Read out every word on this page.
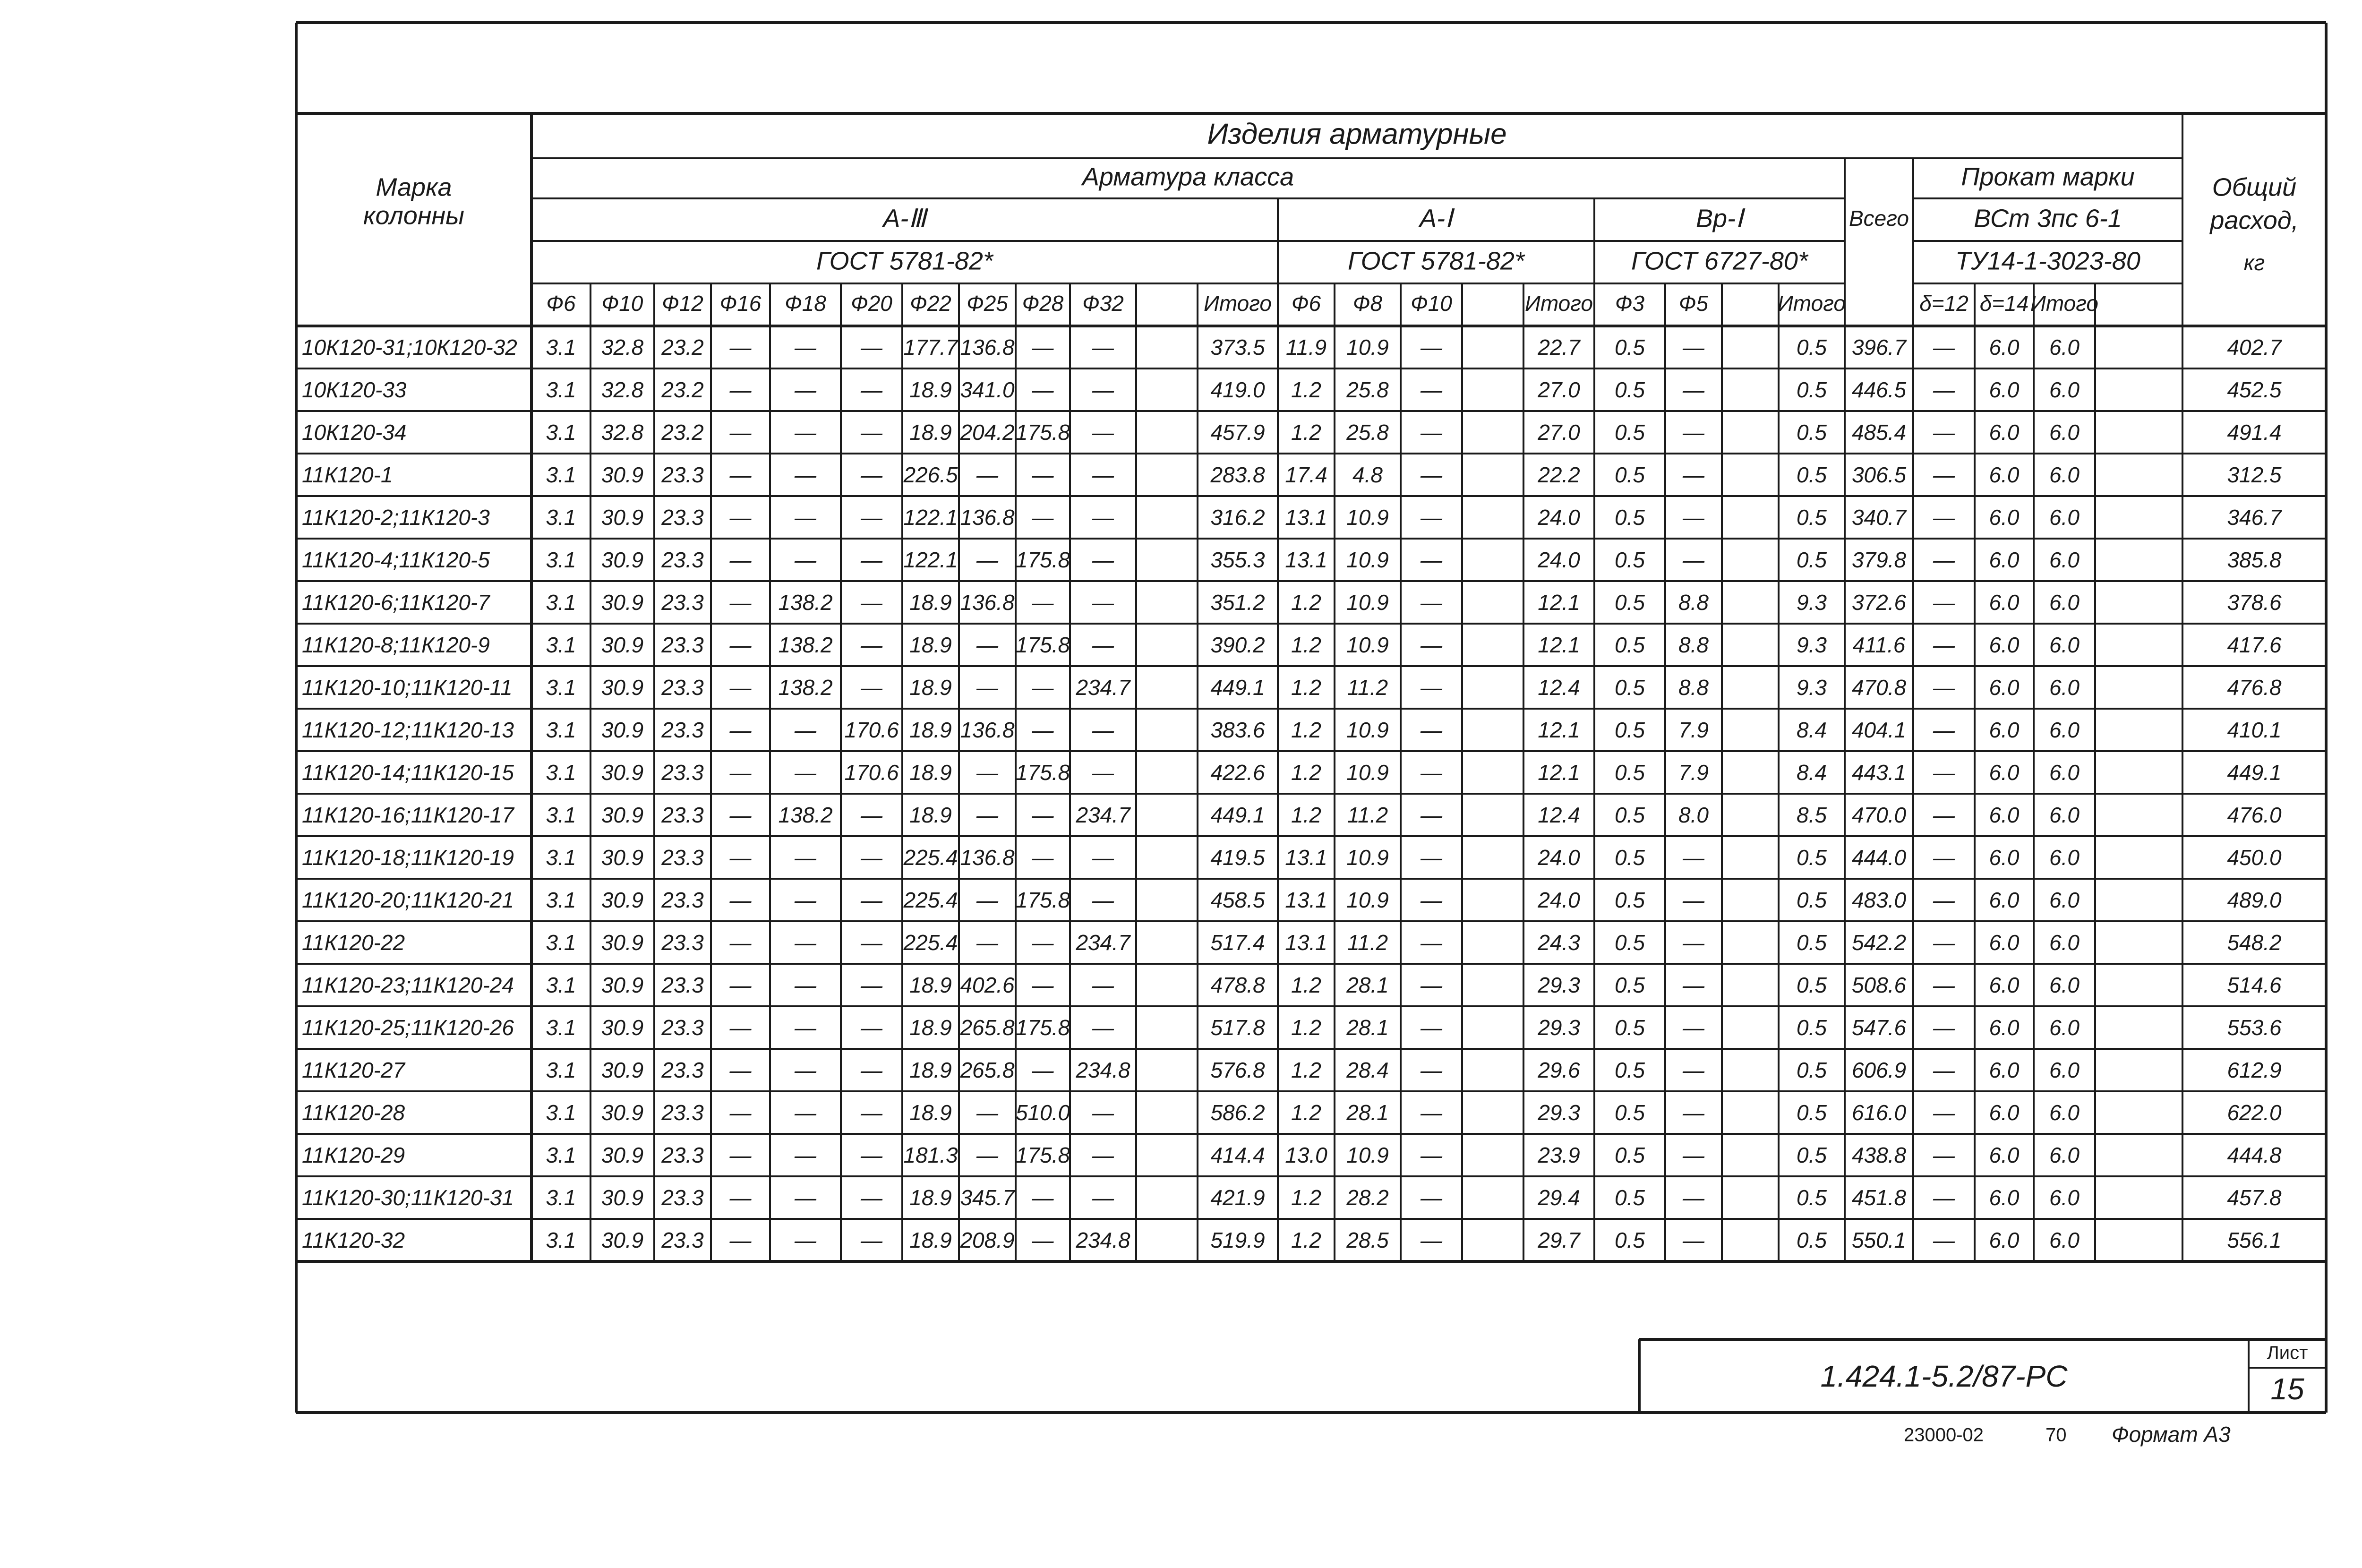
Марка
колонны
Изделия арматурные
Арматура класса
А-Ⅲ	А-Ⅰ	Вр-Ⅰ
ГОСТ 5781-82*	ГОСТ 5781-82*	ГОСТ 6727-80*
Всего
Прокат марки
ВСт 3пс 6-1
ТУ14-1-3023-80
Общий
расход,
кг
Ф6 Ф10 Ф12 Ф16 Ф18 Ф20 Ф22 Ф25 Ф28 Ф32	Итого Ф6 Ф8 Ф10	Итого Ф3 Ф5	Итого	δ=12 δ=14 Итого
10К120-31;10К120-32 3.1 32.8 23.2 — — — 177.7 136.8 — —	373.5 11.9 10.9 —	22.7 0.5 —	0.5 396.7 — 6.0 6.0	402.7
10К120-33	3.1 32.8 23.2 — — — 18.9 341.0 — —	419.0 1.2 25.8 —	27.0 0.5 —	0.5 446.5 — 6.0 6.0	452.5
10К120-34	3.1 32.8 23.2 — — — 18.9 204.2 175.8 —	457.9 1.2 25.8 —	27.0 0.5 —	0.5 485.4 — 6.0 6.0	491.4
11К120-1	3.1 30.9 23.3 — — — 226.5 — — —	283.8 17.4 4.8 —	22.2 0.5 —	0.5 306.5 — 6.0 6.0	312.5
11К120-2;11К120-3	3.1 30.9 23.3 — — — 122.1 136.8 — —	316.2 13.1 10.9 —	24.0 0.5 —	0.5 340.7 — 6.0 6.0	346.7
11К120-4;11К120-5	3.1 30.9 23.3 — — — 122.1 — 175.8 —	355.3 13.1 10.9 —	24.0 0.5 —	0.5 379.8 — 6.0 6.0	385.8
11К120-6;11К120-7	3.1 30.9 23.3 — 138.2 — 18.9 136.8 — —	351.2 1.2 10.9 —	12.1 0.5 8.8	9.3 372.6 — 6.0 6.0	378.6
11К120-8;11К120-9	3.1 30.9 23.3 — 138.2 — 18.9 — 175.8 —	390.2 1.2 10.9 —	12.1 0.5 8.8	9.3 411.6 — 6.0 6.0	417.6
11К120-10;11К120-11 3.1 30.9 23.3 — 138.2 — 18.9 — — 234.7	449.1 1.2 11.2 —	12.4 0.5 8.8	9.3 470.8 — 6.0 6.0	476.8
11К120-12;11К120-13 3.1 30.9 23.3 — — 170.6 18.9 136.8 — —	383.6 1.2 10.9 —	12.1 0.5 7.9	8.4 404.1 — 6.0 6.0	410.1
11К120-14;11К120-15 3.1 30.9 23.3 — — 170.6 18.9 — 175.8 —	422.6 1.2 10.9 —	12.1 0.5 7.9	8.4 443.1 — 6.0 6.0	449.1
11К120-16;11К120-17 3.1 30.9 23.3 — 138.2 — 18.9 — — 234.7	449.1 1.2 11.2 —	12.4 0.5 8.0	8.5 470.0 — 6.0 6.0	476.0
11К120-18;11К120-19 3.1 30.9 23.3 — — — 225.4 136.8 — —	419.5 13.1 10.9 —	24.0 0.5 —	0.5 444.0 — 6.0 6.0	450.0
11К120-20;11К120-21 3.1 30.9 23.3 — — — 225.4 — 175.8 —	458.5 13.1 10.9 —	24.0 0.5 —	0.5 483.0 — 6.0 6.0	489.0
11К120-22	3.1 30.9 23.3 — — — 225.4 — — 234.7	517.4 13.1 11.2 —	24.3 0.5 —	0.5 542.2 — 6.0 6.0	548.2
11К120-23;11К120-24 3.1 30.9 23.3 — — — 18.9 402.6 — —	478.8 1.2 28.1 —	29.3 0.5 —	0.5 508.6 — 6.0 6.0	514.6
11К120-25;11К120-26 3.1 30.9 23.3 — — — 18.9 265.8 175.8 —	517.8 1.2 28.1 —	29.3 0.5 —	0.5 547.6 — 6.0 6.0	553.6
11К120-27	3.1 30.9 23.3 — — — 18.9 265.8 — 234.8	576.8 1.2 28.4 —	29.6 0.5 —	0.5 606.9 — 6.0 6.0	612.9
11К120-28	3.1 30.9 23.3 — — — 18.9 — 510.0 —	586.2 1.2 28.1 —	29.3 0.5 —	0.5 616.0 — 6.0 6.0	622.0
11К120-29	3.1 30.9 23.3 — — — 181.3 — 175.8 —	414.4 13.0 10.9 —	23.9 0.5 —	0.5 438.8 — 6.0 6.0	444.8
11К120-30;11К120-31 3.1 30.9 23.3 — — — 18.9 345.7 — —	421.9 1.2 28.2 —	29.4 0.5 —	0.5 451.8 — 6.0 6.0	457.8
11К120-32	3.1 30.9 23.3 — — — 18.9 208.9 — 234.8	519.9 1.2 28.5 —	29.7 0.5 —	0.5 550.1 — 6.0 6.0	556.1
1.424.1-5.2/87-РС
Лист
15
23000-02	70 Формат А3
